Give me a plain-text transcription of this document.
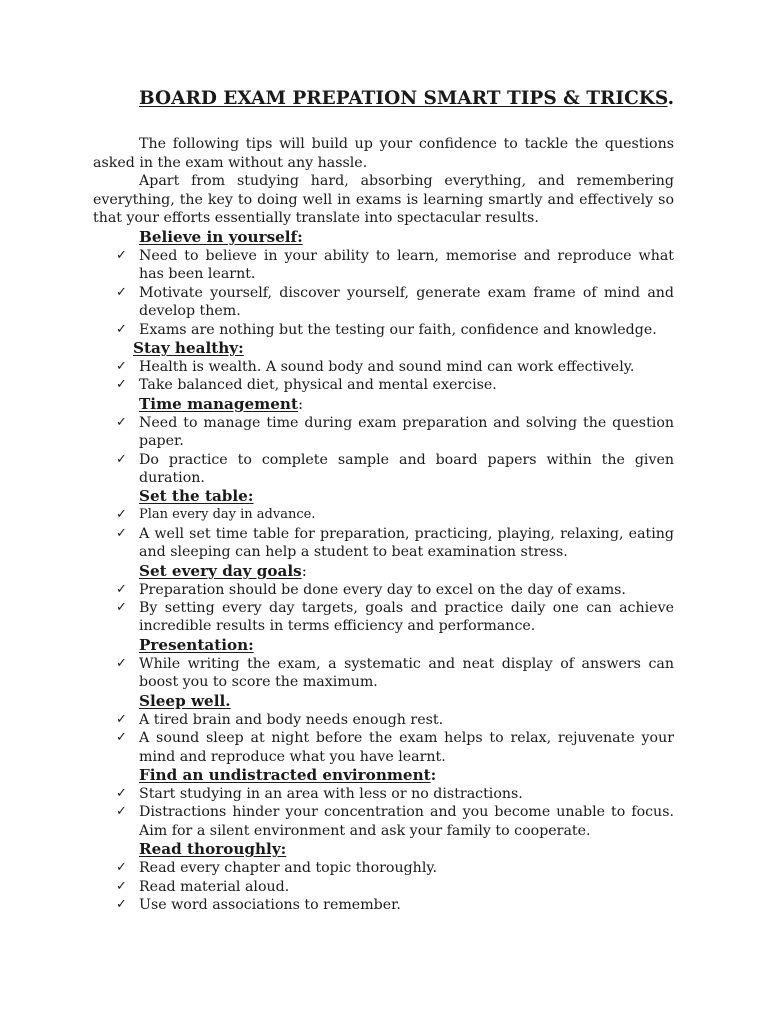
BOARD EXAM PREPATION SMART TIPS & TRICKS.

The following tips will build up your confidence to tackle the questions asked in the exam without any hassle.

Apart from studying hard, absorbing everything, and remembering everything, the key to doing well in exams is learning smartly and effectively so that your efforts essentially translate into spectacular results.

Believe in yourself:
✓ Need to believe in your ability to learn, memorise and reproduce what has been learnt.
✓ Motivate yourself, discover yourself, generate exam frame of mind and develop them.
✓ Exams are nothing but the testing our faith, confidence and knowledge.
Stay healthy:
✓ Health is wealth. A sound body and sound mind can work effectively.
✓ Take balanced diet, physical and mental exercise.
Time management:
✓ Need to manage time during exam preparation and solving the question paper.
✓ Do practice to complete sample and board papers within the given duration.
Set the table:
✓ Plan every day in advance.
✓ A well set time table for preparation, practicing, playing, relaxing, eating and sleeping can help a student to beat examination stress.
Set every day goals:
✓ Preparation should be done every day to excel on the day of exams.
✓ By setting every day targets, goals and practice daily one can achieve incredible results in terms efficiency and performance.
Presentation:
✓ While writing the exam, a systematic and neat display of answers can boost you to score the maximum.
Sleep well.
✓ A tired brain and body needs enough rest.
✓ A sound sleep at night before the exam helps to relax, rejuvenate your mind and reproduce what you have learnt.
Find an undistracted environment:
✓ Start studying in an area with less or no distractions.
✓ Distractions hinder your concentration and you become unable to focus. Aim for a silent environment and ask your family to cooperate.
Read thoroughly:
✓ Read every chapter and topic thoroughly.
✓ Read material aloud.
✓ Use word associations to remember.
